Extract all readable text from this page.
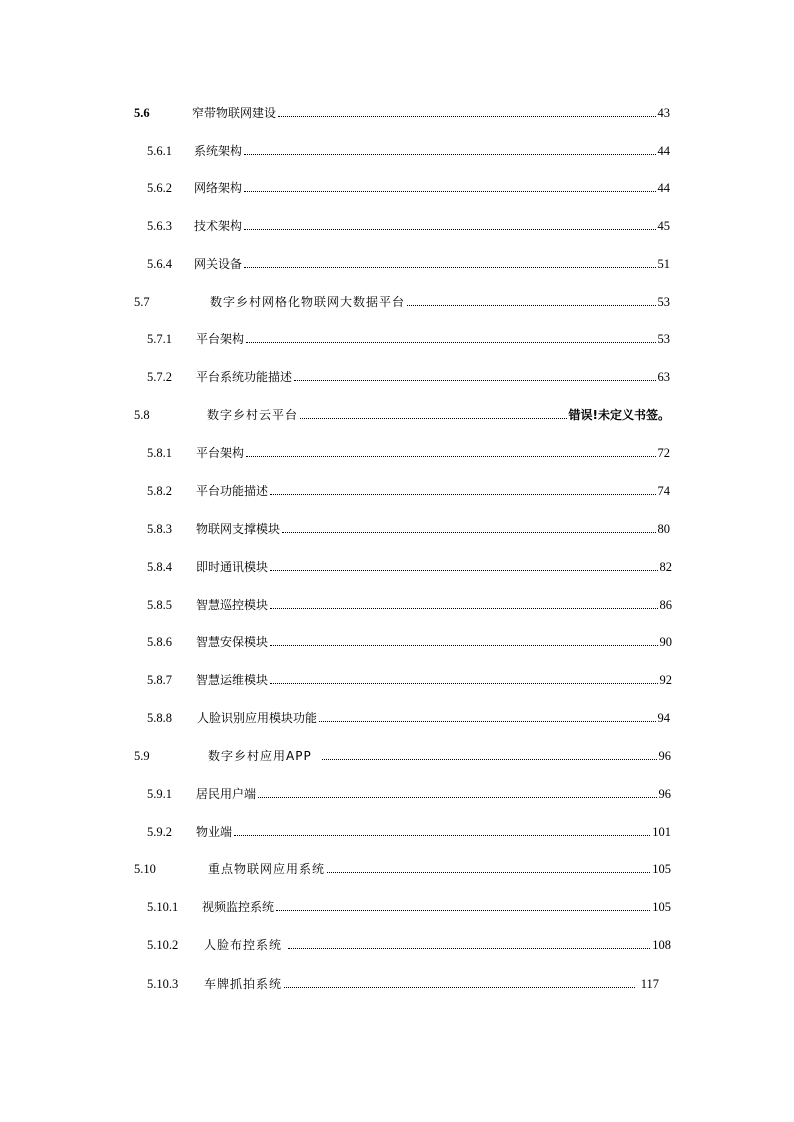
5.6	窄带物联网建设	43
5.6.1	系统架构	44
5.6.2	网络架构	44
5.6.3	技术架构	45
5.6.4	网关设备	51
5.7	数字乡村网格化物联网大数据平台	53
5.7.1	平台架构	53
5.7.2	平台系统功能描述	63
5.8	数字乡村云平台	错误!未定义书签。
5.8.1	平台架构	72
5.8.2	平台功能描述	74
5.8.3	物联网支撑模块	80
5.8.4	即时通讯模块	82
5.8.5	智慧巡控模块	86
5.8.6	智慧安保模块	90
5.8.7	智慧运维模块	92
5.8.8	人脸识别应用模块功能	94
5.9	数字乡村应用APP	96
5.9.1	居民用户端	96
5.9.2	物业端	101
5.10	重点物联网应用系统	105
5.10.1	视频监控系统	105
5.10.2	人脸布控系统	108
5.10.3	车牌抓拍系统	117
